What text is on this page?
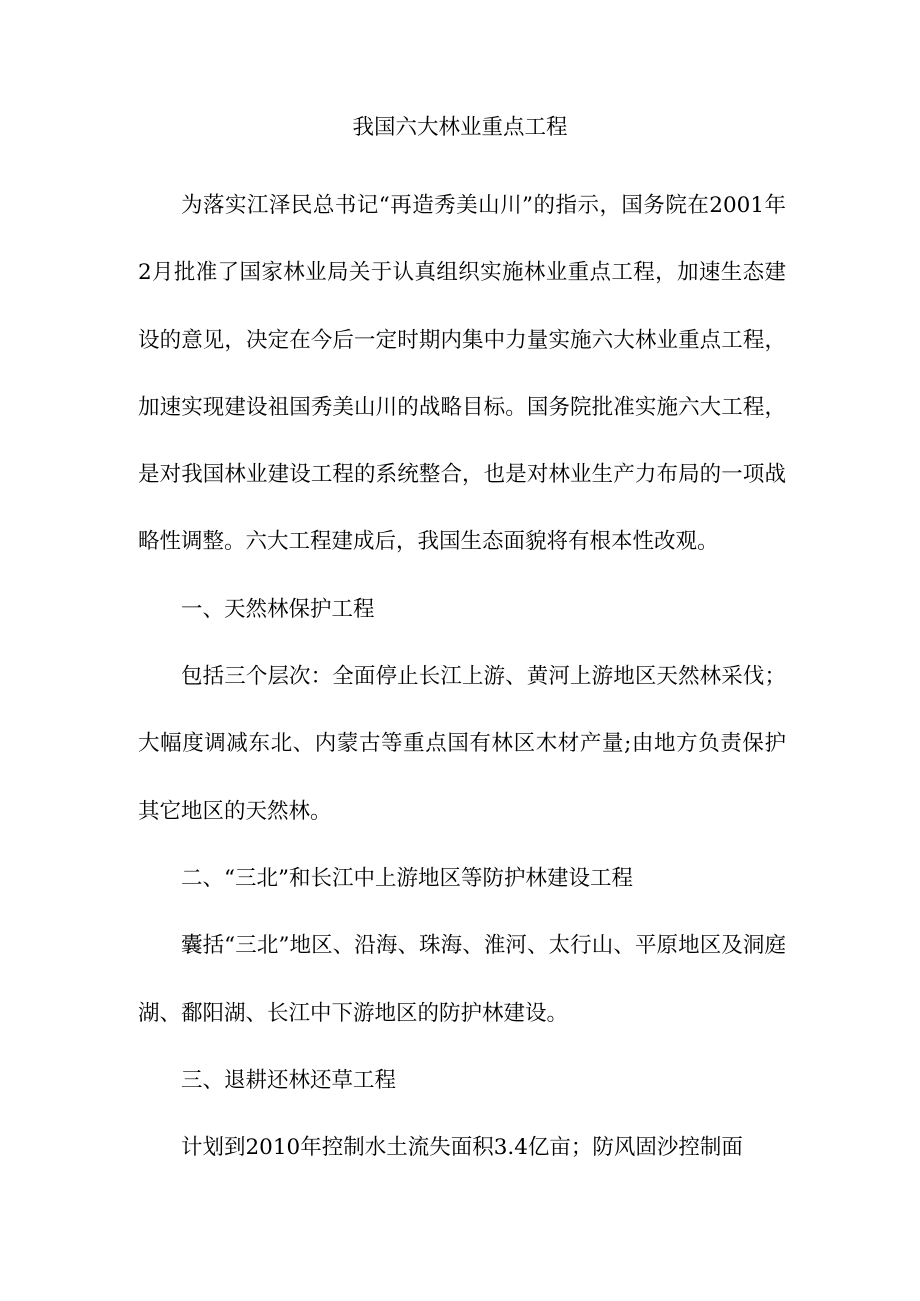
我国六大林业重点工程

为落实江泽民总书记“再造秀美山川”的指示，国务院在2001年2月批准了国家林业局关于认真组织实施林业重点工程，加速生态建设的意见，决定在今后一定时期内集中力量实施六大林业重点工程，加速实现建设祖国秀美山川的战略目标。国务院批准实施六大工程，是对我国林业建设工程的系统整合，也是对林业生产力布局的一项战略性调整。六大工程建成后，我国生态面貌将有根本性改观。

一、天然林保护工程

包括三个层次：全面停止长江上游、黄河上游地区天然林采伐；大幅度调减东北、内蒙古等重点国有林区木材产量;由地方负责保护其它地区的天然林。

二、“三北”和长江中上游地区等防护林建设工程

囊括“三北”地区、沿海、珠海、淮河、太行山、平原地区及洞庭湖、鄱阳湖、长江中下游地区的防护林建设。

三、退耕还林还草工程

计划到2010年控制水土流失面积3.4亿亩；防风固沙控制面
